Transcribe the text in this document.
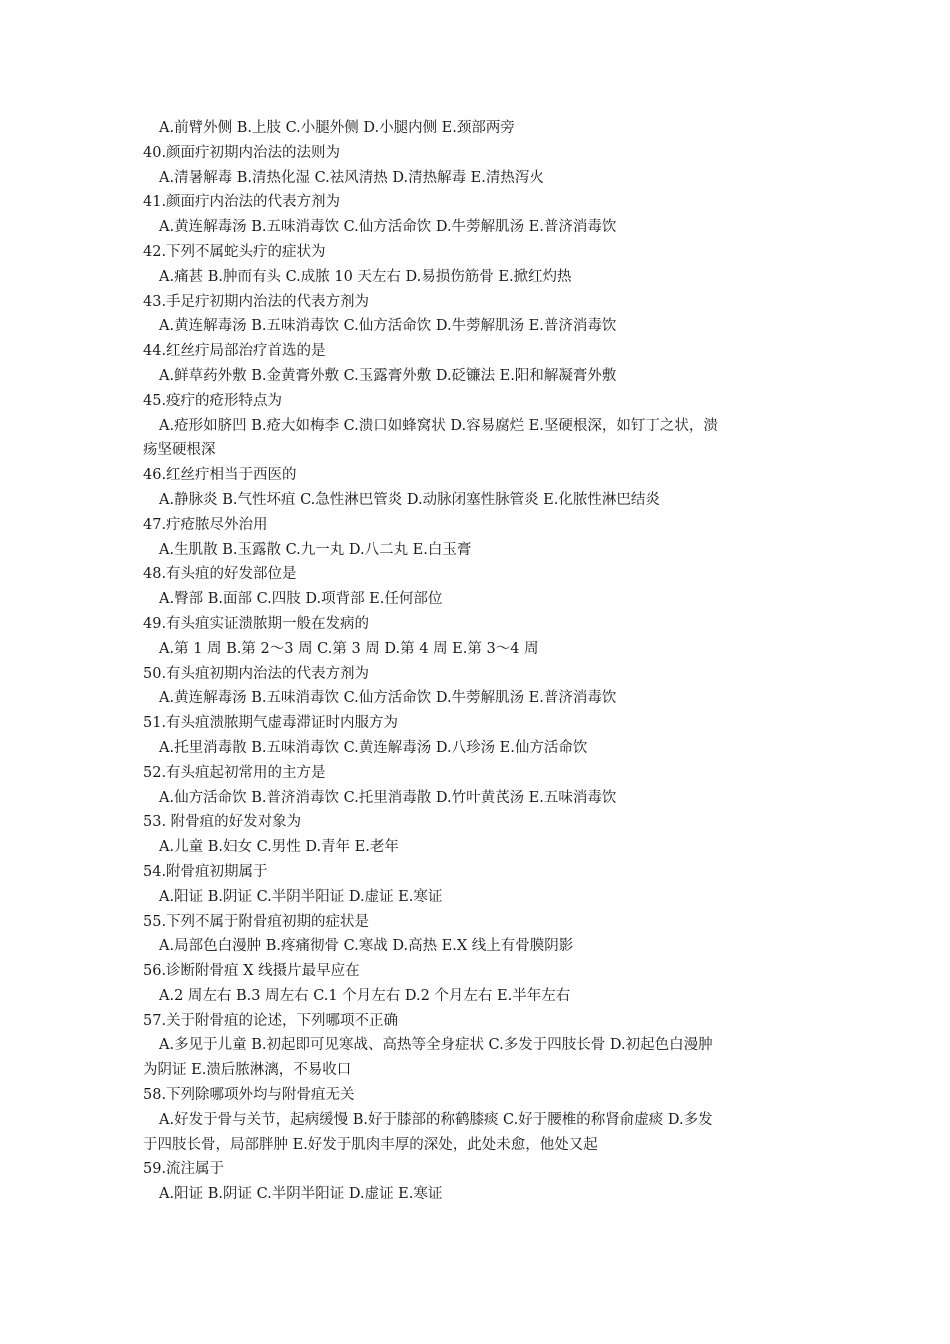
A.前臂外侧 B.上肢 C.小腿外侧 D.小腿内侧 E.颈部两旁
40.颜面疔初期内治法的法则为
A.清暑解毒 B.清热化湿 C.祛风清热 D.清热解毒 E.清热泻火
41.颜面疔内治法的代表方剂为
A.黄连解毒汤 B.五味消毒饮 C.仙方活命饮 D.牛蒡解肌汤 E.普济消毒饮
42.下列不属蛇头疔的症状为
A.痛甚 B.肿而有头 C.成脓 10 天左右 D.易损伤筋骨 E.掀红灼热
43.手足疔初期内治法的代表方剂为
A.黄连解毒汤 B.五味消毒饮 C.仙方活命饮 D.牛蒡解肌汤 E.普济消毒饮
44.红丝疔局部治疗首选的是
A.鲜草药外敷 B.金黄膏外敷 C.玉露膏外敷 D.砭镰法 E.阳和解凝膏外敷
45.疫疔的疮形特点为
A.疮形如脐凹 B.疮大如梅李 C.溃口如蜂窝状 D.容易腐烂 E.坚硬根深，如钉丁之状，溃
疡坚硬根深
46.红丝疔相当于西医的
A.静脉炎 B.气性坏疽 C.急性淋巴管炎 D.动脉闭塞性脉管炎 E.化脓性淋巴结炎
47.疔疮脓尽外治用
A.生肌散 B.玉露散 C.九一丸 D.八二丸 E.白玉膏
48.有头疽的好发部位是
A.臀部 B.面部 C.四肢 D.项背部 E.任何部位
49.有头疽实证溃脓期一般在发病的
A.第 1 周 B.第 2～3 周 C.第 3 周 D.第 4 周 E.第 3～4 周
50.有头疽初期内治法的代表方剂为
A.黄连解毒汤 B.五味消毒饮 C.仙方活命饮 D.牛蒡解肌汤 E.普济消毒饮
51.有头疽溃脓期气虚毒滞证时内服方为
A.托里消毒散 B.五味消毒饮 C.黄连解毒汤 D.八珍汤 E.仙方活命饮
52.有头疽起初常用的主方是
A.仙方活命饮 B.普济消毒饮 C.托里消毒散 D.竹叶黄芪汤 E.五味消毒饮
53. 附骨疽的好发对象为
A.儿童 B.妇女 C.男性 D.青年 E.老年
54.附骨疽初期属于
A.阳证 B.阴证 C.半阴半阳证 D.虚证 E.寒证
55.下列不属于附骨疽初期的症状是
A.局部色白漫肿 B.疼痛彻骨 C.寒战 D.高热 E.X 线上有骨膜阴影
56.诊断附骨疽 X 线摄片最早应在
A.2 周左右 B.3 周左右 C.1 个月左右 D.2 个月左右 E.半年左右
57.关于附骨疽的论述，下列哪项不正确
A.多见于儿童 B.初起即可见寒战、高热等全身症状 C.多发于四肢长骨 D.初起色白漫肿
为阴证 E.溃后脓淋漓，不易收口
58.下列除哪项外均与附骨疽无关
A.好发于骨与关节，起病缓慢 B.好于膝部的称鹤膝痰 C.好于腰椎的称肾俞虚痰 D.多发
于四肢长骨，局部胖肿 E.好发于肌肉丰厚的深处，此处未愈，他处又起
59.流注属于
A.阳证 B.阴证 C.半阴半阳证 D.虚证 E.寒证
